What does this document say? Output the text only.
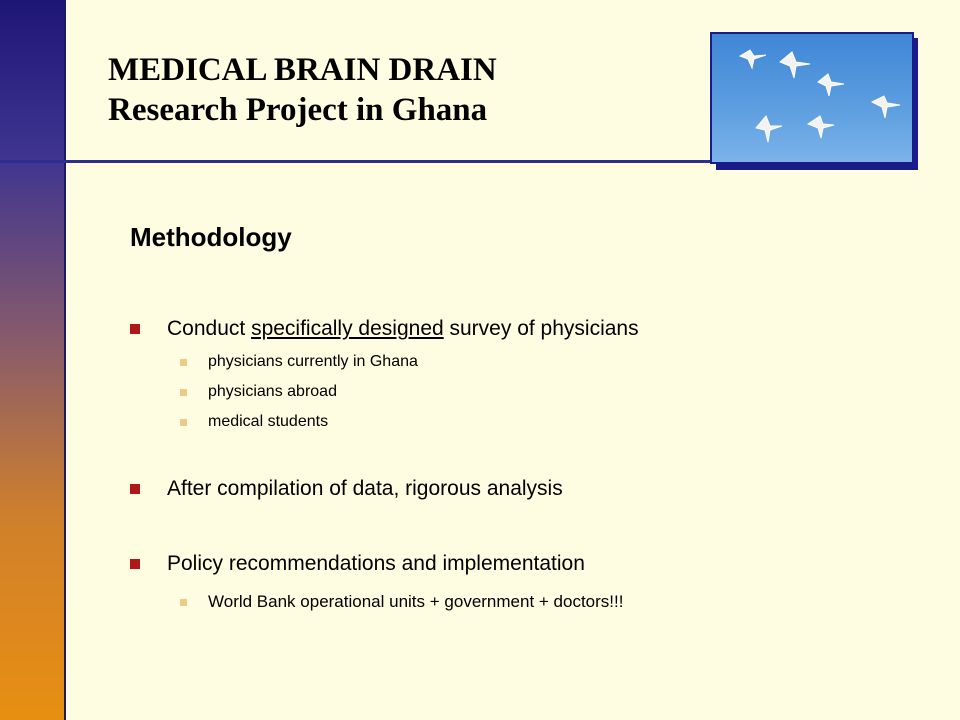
MEDICAL BRAIN DRAIN
Research Project in Ghana
Methodology
Conduct specifically designed survey of physicians
physicians currently in Ghana
physicians abroad
medical students
After compilation of data, rigorous analysis
Policy recommendations and implementation
World Bank operational units + government + doctors!!!
